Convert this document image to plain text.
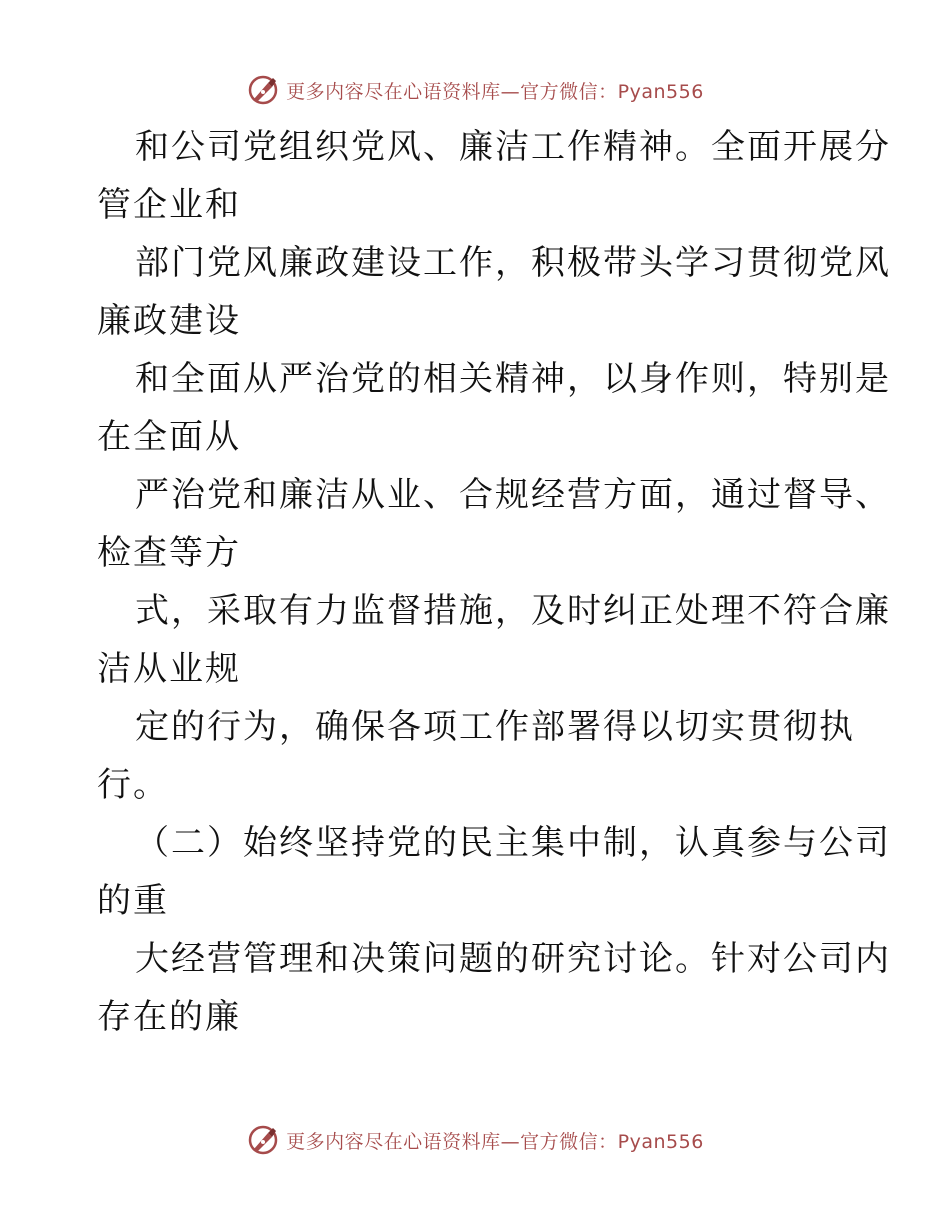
更多内容尽在心语资料库—官方微信：Pyan556
和公司党组织党风、廉洁工作精神。全面开展分
管企业和
部门党风廉政建设工作，积极带头学习贯彻党风
廉政建设
和全面从严治党的相关精神，以身作则，特别是
在全面从
严治党和廉洁从业、合规经营方面，通过督导、
检查等方
式，采取有力监督措施，及时纠正处理不符合廉
洁从业规
定的行为，确保各项工作部署得以切实贯彻执
行。
（二）始终坚持党的民主集中制，认真参与公司
的重
大经营管理和决策问题的研究讨论。针对公司内
存在的廉
更多内容尽在心语资料库—官方微信：Pyan556
